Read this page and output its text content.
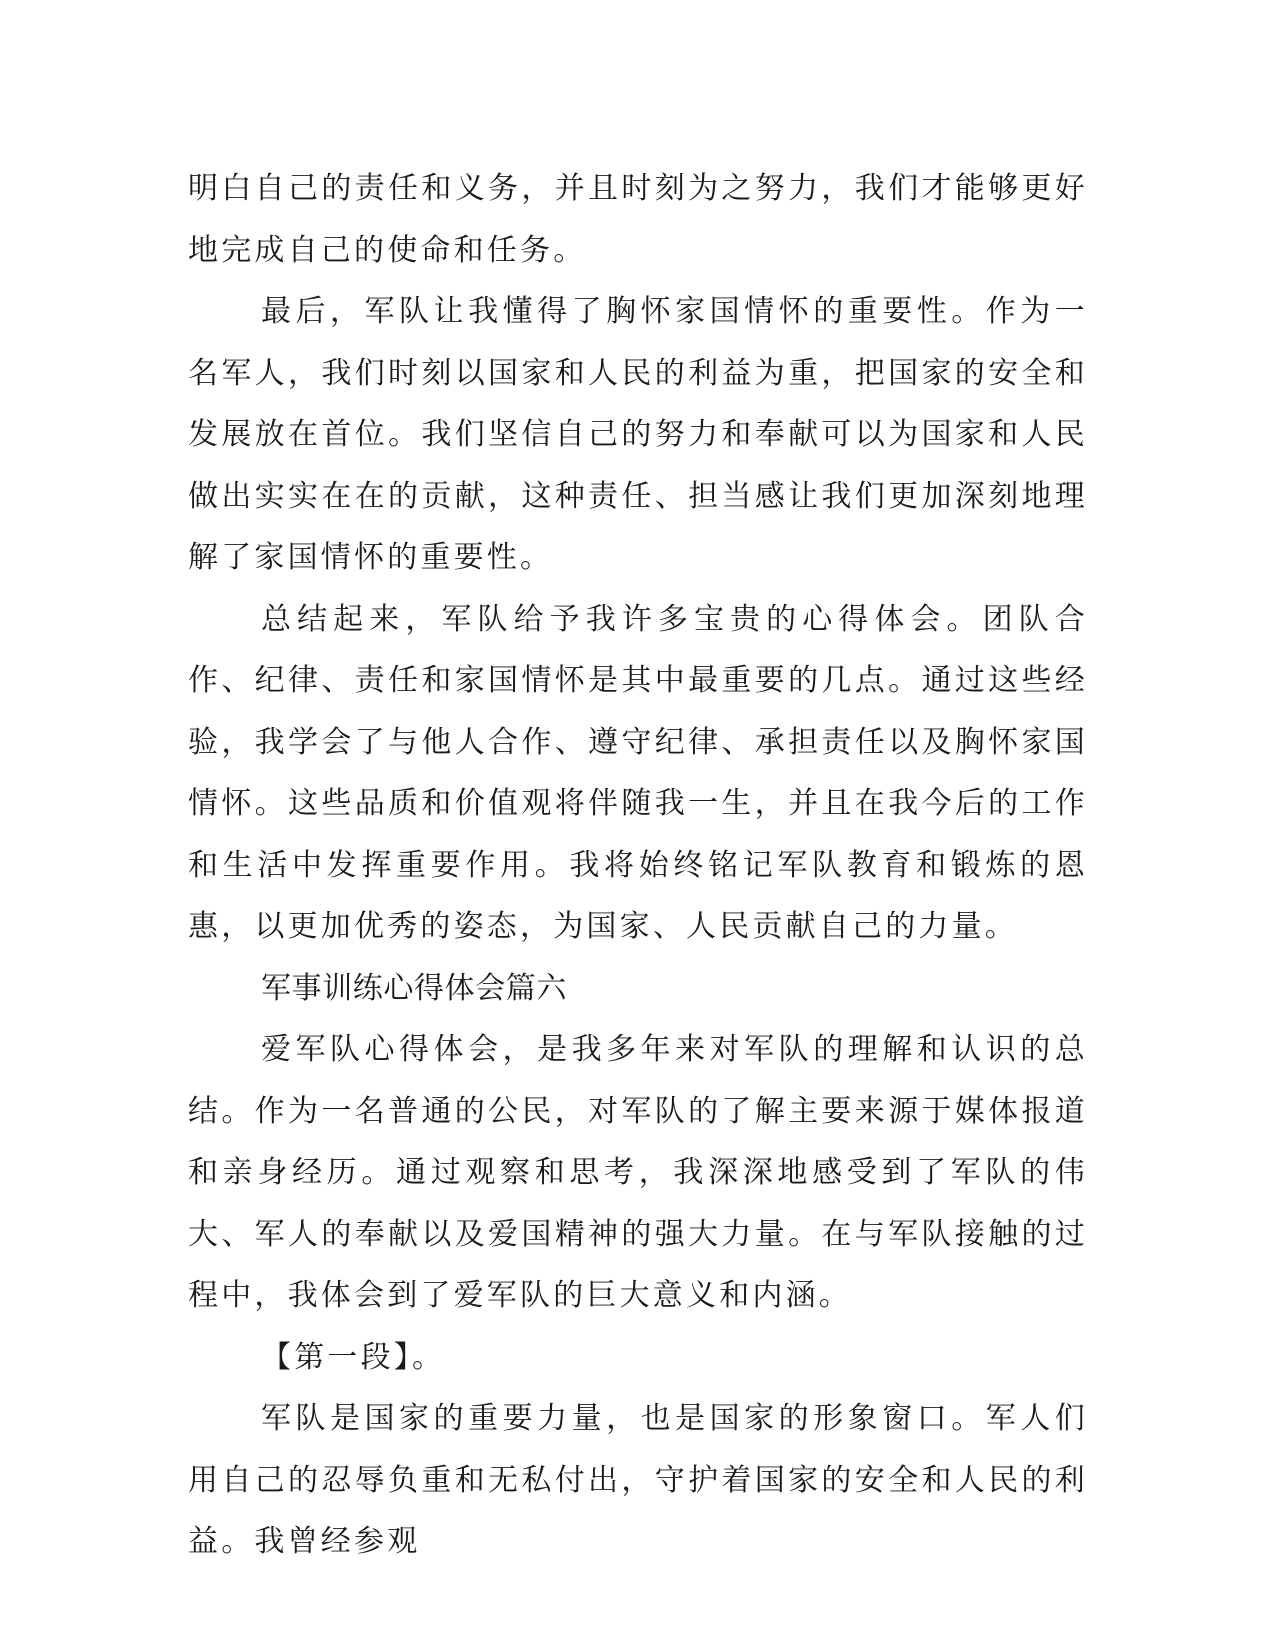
明白自己的责任和义务，并且时刻为之努力，我们才能够更好地完成自己的使命和任务。

最后，军队让我懂得了胸怀家国情怀的重要性。作为一名军人，我们时刻以国家和人民的利益为重，把国家的安全和发展放在首位。我们坚信自己的努力和奉献可以为国家和人民做出实实在在的贡献，这种责任、担当感让我们更加深刻地理解了家国情怀的重要性。

总结起来，军队给予我许多宝贵的心得体会。团队合作、纪律、责任和家国情怀是其中最重要的几点。通过这些经验，我学会了与他人合作、遵守纪律、承担责任以及胸怀家国情怀。这些品质和价值观将伴随我一生，并且在我今后的工作和生活中发挥重要作用。我将始终铭记军队教育和锻炼的恩惠，以更加优秀的姿态，为国家、人民贡献自己的力量。

军事训练心得体会篇六

爱军队心得体会，是我多年来对军队的理解和认识的总结。作为一名普通的公民，对军队的了解主要来源于媒体报道和亲身经历。通过观察和思考，我深深地感受到了军队的伟大、军人的奉献以及爱国精神的强大力量。在与军队接触的过程中，我体会到了爱军队的巨大意义和内涵。

【第一段】。

军队是国家的重要力量，也是国家的形象窗口。军人们用自己的忍辱负重和无私付出，守护着国家的安全和人民的利益。我曾经参观
